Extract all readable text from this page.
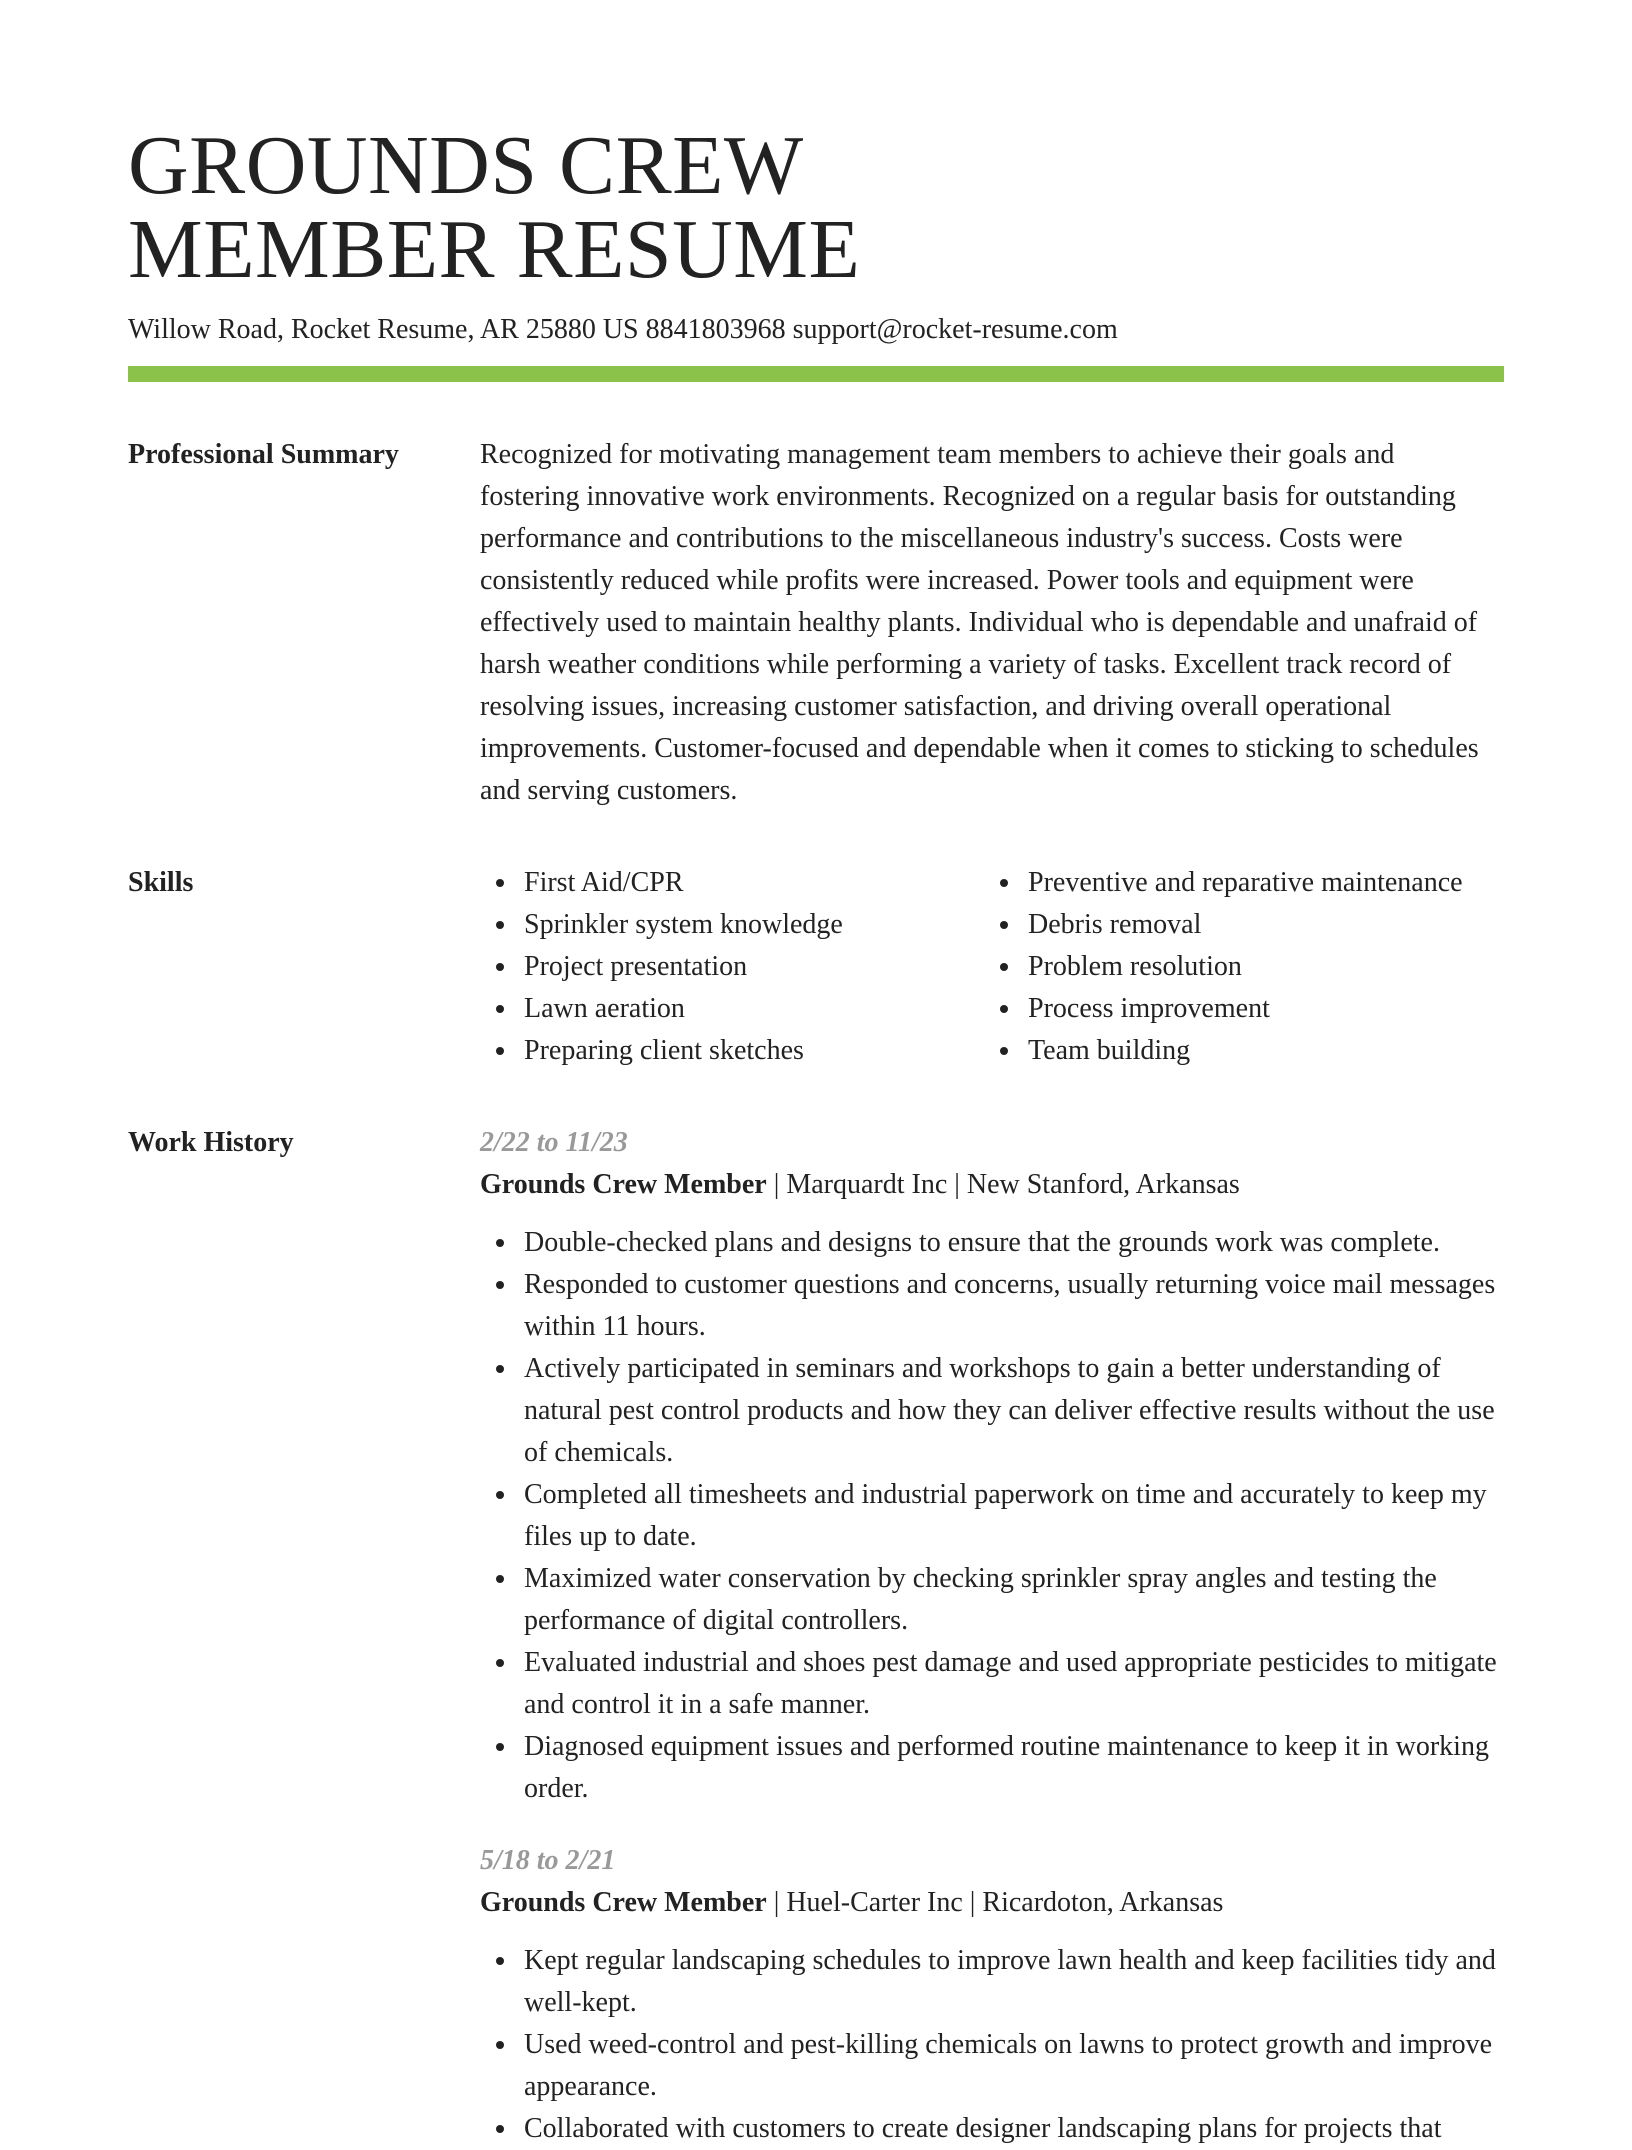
GROUNDS CREW
MEMBER RESUME
Willow Road, Rocket Resume, AR 25880 US 8841803968 support@rocket-resume.com
Professional Summary	Recognized for motivating management team members to achieve their goals and fostering innovative work environments. Recognized on a regular basis for outstanding performance and contributions to the miscellaneous industry's success. Costs were consistently reduced while profits were increased. Power tools and equipment were effectively used to maintain healthy plants. Individual who is dependable and unafraid of harsh weather conditions while performing a variety of tasks. Excellent track record of resolving issues, increasing customer satisfaction, and driving overall operational improvements. Customer-focused and dependable when it comes to sticking to schedules and serving customers.

Skills	First Aid/CPR
Sprinkler system knowledge
Project presentation
Lawn aeration
Preparing client sketches
Preventive and reparative maintenance
Debris removal
Problem resolution
Process improvement
Team building
Work History	2/22 to 11/23
Grounds Crew Member | Marquardt Inc | New Stanford, Arkansas
Double-checked plans and designs to ensure that the grounds work was complete.
Responded to customer questions and concerns, usually returning voice mail messages within 11 hours.
Actively participated in seminars and workshops to gain a better understanding of natural pest control products and how they can deliver effective results without the use of chemicals.
Completed all timesheets and industrial paperwork on time and accurately to keep my files up to date.
Maximized water conservation by checking sprinkler spray angles and testing the performance of digital controllers.
Evaluated industrial and shoes pest damage and used appropriate pesticides to mitigate and control it in a safe manner.
Diagnosed equipment issues and performed routine maintenance to keep it in working order.
5/18 to 2/21
Grounds Crew Member | Huel-Carter Inc | Ricardoton, Arkansas
Kept regular landscaping schedules to improve lawn health and keep facilities tidy and well-kept.
Used weed-control and pest-killing chemicals on lawns to protect growth and improve appearance.
Collaborated with customers to create designer landscaping plans for projects that
